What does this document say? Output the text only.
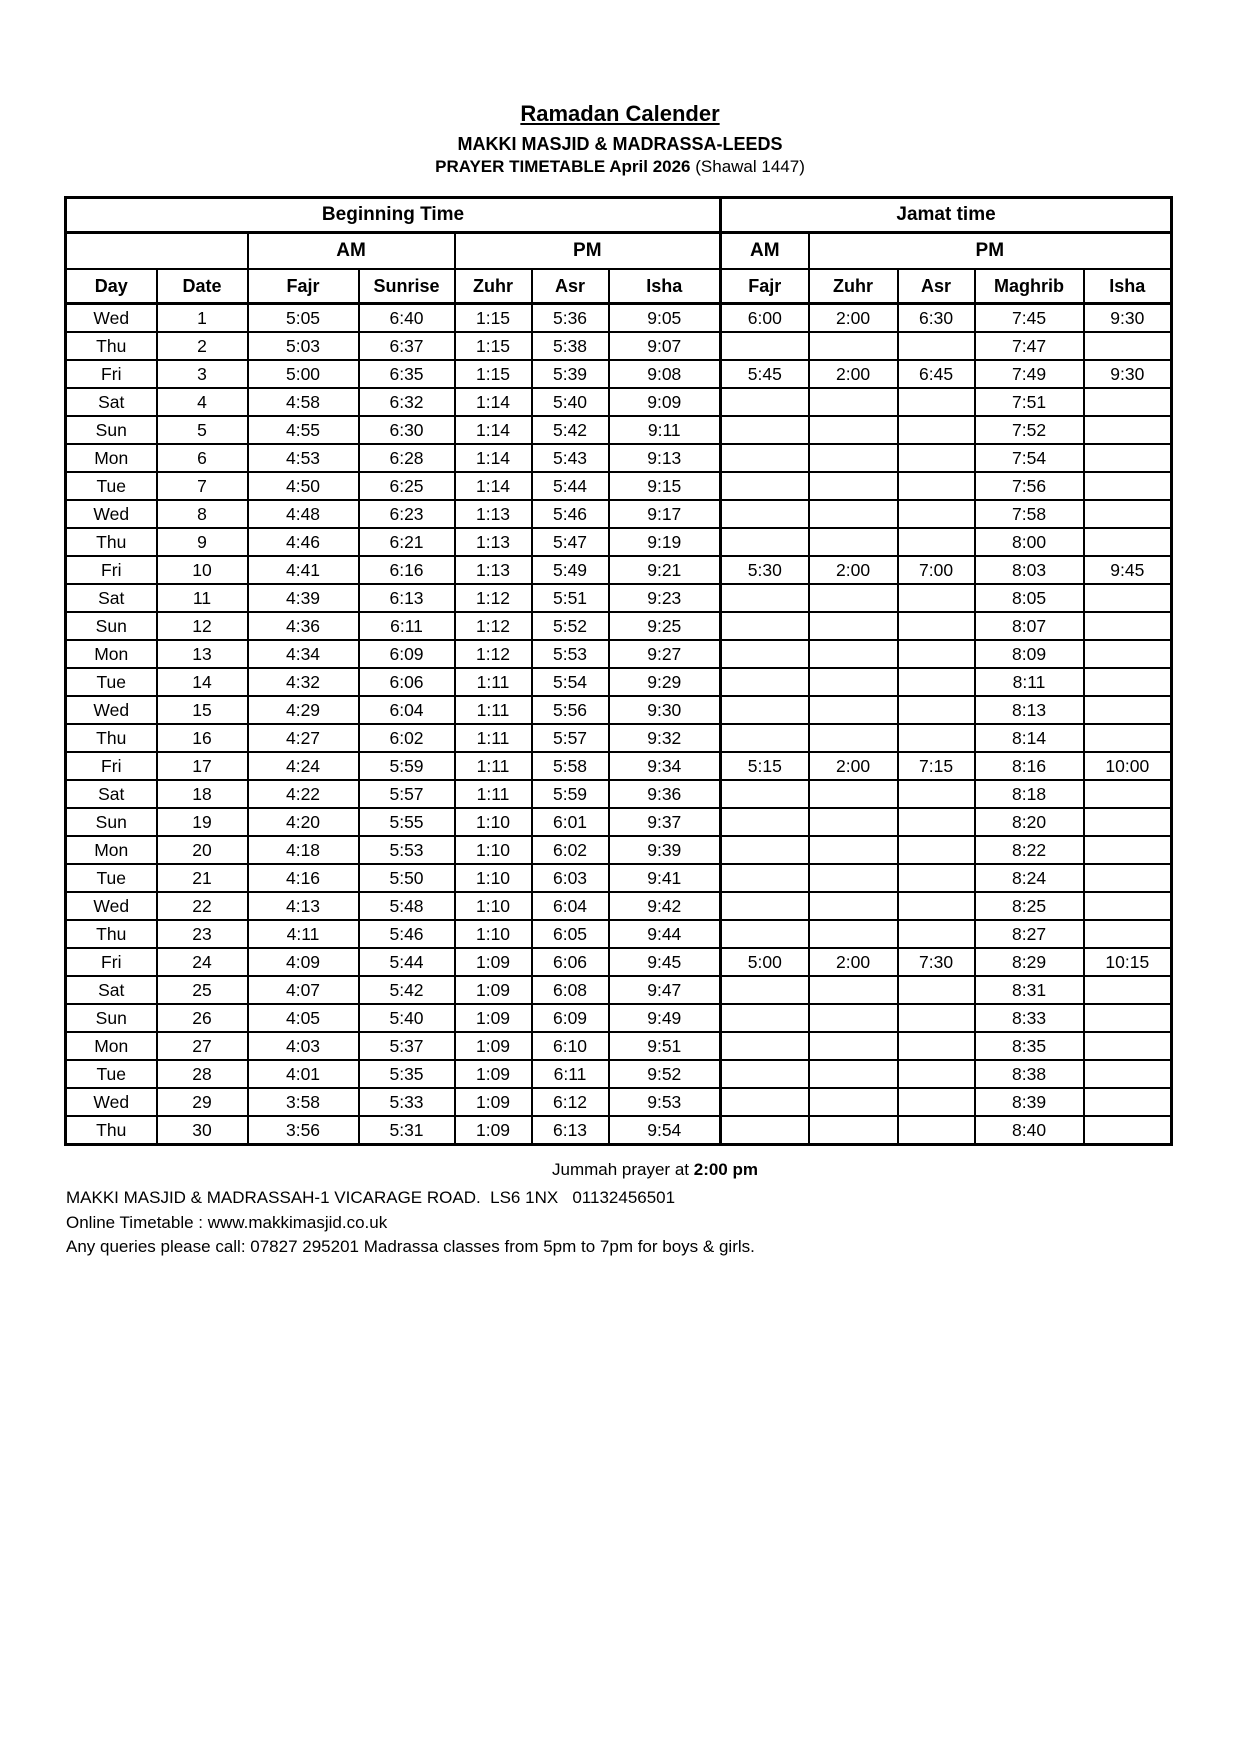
Ramadan Calender
MAKKI MASJID & MADRASSA-LEEDS
PRAYER TIMETABLE April 2026 (Shawal 1447)
Beginning Time							Jamat time				
		AM		PM			AM	PM			
Day	Date	Fajr	Sunrise	Zuhr	Asr	Isha	Fajr	Zuhr	Asr	Maghrib	Isha
Wed	1	5:05	6:40	1:15	5:36	9:05	6:00	2:00	6:30	7:45	9:30
Thu	2	5:03	6:37	1:15	5:38	9:07				7:47	
Fri	3	5:00	6:35	1:15	5:39	9:08	5:45	2:00	6:45	7:49	9:30
Sat	4	4:58	6:32	1:14	5:40	9:09				7:51	
Sun	5	4:55	6:30	1:14	5:42	9:11				7:52	
Mon	6	4:53	6:28	1:14	5:43	9:13				7:54	
Tue	7	4:50	6:25	1:14	5:44	9:15				7:56	
Wed	8	4:48	6:23	1:13	5:46	9:17				7:58	
Thu	9	4:46	6:21	1:13	5:47	9:19				8:00	
Fri	10	4:41	6:16	1:13	5:49	9:21	5:30	2:00	7:00	8:03	9:45
Sat	11	4:39	6:13	1:12	5:51	9:23				8:05	
Sun	12	4:36	6:11	1:12	5:52	9:25				8:07	
Mon	13	4:34	6:09	1:12	5:53	9:27				8:09	
Tue	14	4:32	6:06	1:11	5:54	9:29				8:11	
Wed	15	4:29	6:04	1:11	5:56	9:30				8:13	
Thu	16	4:27	6:02	1:11	5:57	9:32				8:14	
Fri	17	4:24	5:59	1:11	5:58	9:34	5:15	2:00	7:15	8:16	10:00
Sat	18	4:22	5:57	1:11	5:59	9:36				8:18	
Sun	19	4:20	5:55	1:10	6:01	9:37				8:20	
Mon	20	4:18	5:53	1:10	6:02	9:39				8:22	
Tue	21	4:16	5:50	1:10	6:03	9:41				8:24	
Wed	22	4:13	5:48	1:10	6:04	9:42				8:25	
Thu	23	4:11	5:46	1:10	6:05	9:44				8:27	
Fri	24	4:09	5:44	1:09	6:06	9:45	5:00	2:00	7:30	8:29	10:15
Sat	25	4:07	5:42	1:09	6:08	9:47				8:31	
Sun	26	4:05	5:40	1:09	6:09	9:49				8:33	
Mon	27	4:03	5:37	1:09	6:10	9:51				8:35	
Tue	28	4:01	5:35	1:09	6:11	9:52				8:38	
Wed	29	3:58	5:33	1:09	6:12	9:53				8:39	
Thu	30	3:56	5:31	1:09	6:13	9:54				8:40	
Jummah prayer at 2:00 pm
MAKKI MASJID & MADRASSAH-1 VICARAGE ROAD.  LS6 1NX   01132456501
Online Timetable : www.makkimasjid.co.uk
Any queries please call: 07827 295201 Madrassa classes from 5pm to 7pm for boys & girls.
